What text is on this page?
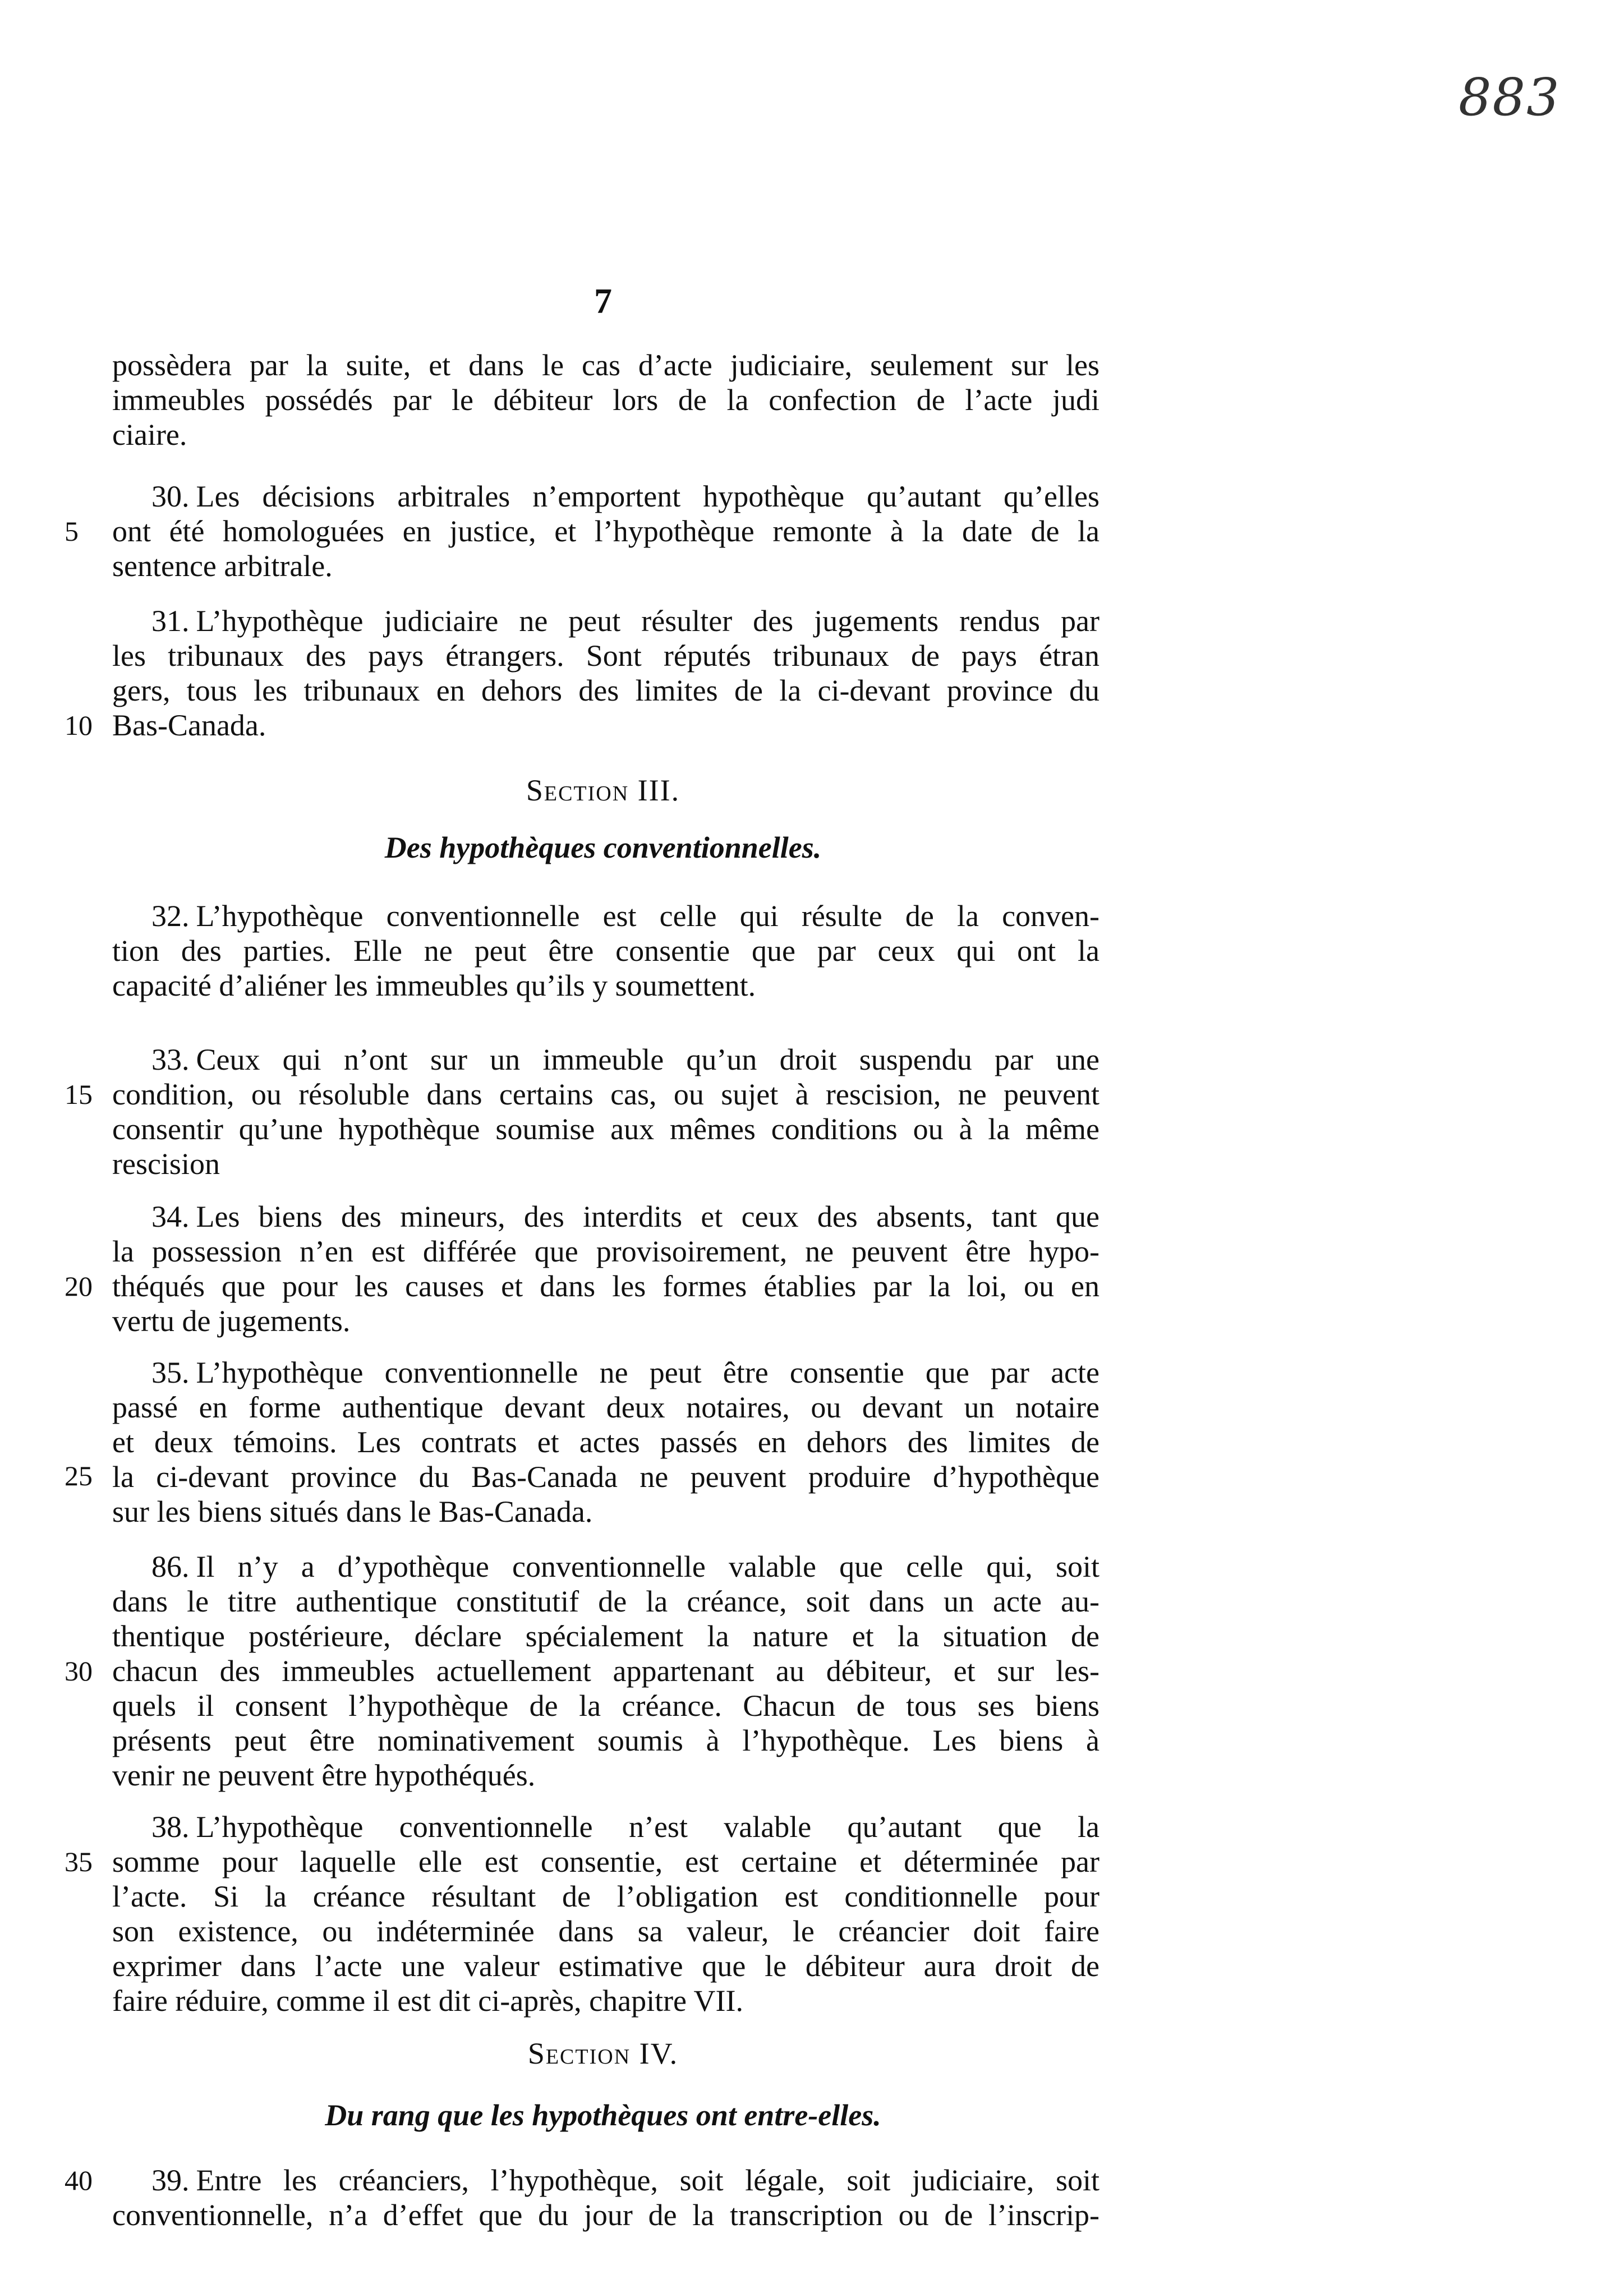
883
7

possèdera par la suite, et dans le cas d’acte judiciaire, seulement sur les
immeubles possédés par le débiteur lors de la confection de l’acte judi
ciaire.

5

30. Les décisions arbitrales n’emportent hypothèque qu’autant qu’elles
ont été homologuées en justice, et l’hypothèque remonte à la date de la
sentence arbitrale.

10

31. L’hypothèque judiciaire ne peut résulter des jugements rendus par
les tribunaux des pays étrangers. Sont réputés tribunaux de pays étran
gers, tous les tribunaux en dehors des limites de la ci-devant province du
Bas-Canada.

Section III.
Des hypothèques conventionnelles.

32. L’hypothèque conventionnelle est celle qui résulte de la conven-
tion des parties. Elle ne peut être consentie que par ceux qui ont la
capacité d’aliéner les immeubles qu’ils y soumettent.

15

33. Ceux qui n’ont sur un immeuble qu’un droit suspendu par une
condition, ou résoluble dans certains cas, ou sujet à rescision, ne peuvent
consentir qu’une hypothèque soumise aux mêmes conditions ou à la même
rescision

20

34. Les biens des mineurs, des interdits et ceux des absents, tant que
la possession n’en est différée que provisoirement, ne peuvent être hypo-
théqués que pour les causes et dans les formes établies par la loi, ou en
vertu de jugements.

25

35. L’hypothèque conventionnelle ne peut être consentie que par acte
passé en forme authentique devant deux notaires, ou devant un notaire
et deux témoins. Les contrats et actes passés en dehors des limites de
la ci-devant province du Bas-Canada ne peuvent produire d’hypothèque
sur les biens situés dans le Bas-Canada.

30

86. Il n’y a d’ypothèque conventionnelle valable que celle qui, soit
dans le titre authentique constitutif de la créance, soit dans un acte au-
thentique postérieure, déclare spécialement la nature et la situation de
chacun des immeubles actuellement appartenant au débiteur, et sur les-
quels il consent l’hypothèque de la créance. Chacun de tous ses biens
présents peut être nominativement soumis à l’hypothèque. Les biens à
venir ne peuvent être hypothéqués.

35

38. L’hypothèque conventionnelle n’est valable qu’autant que la
somme pour laquelle elle est consentie, est certaine et déterminée par
l’acte. Si la créance résultant de l’obligation est conditionnelle pour
son existence, ou indéterminée dans sa valeur, le créancier doit faire
exprimer dans l’acte une valeur estimative que le débiteur aura droit de
faire réduire, comme il est dit ci-après, chapitre VII.

Section IV.
Du rang que les hypothèques ont entre-elles.
40	39. Entre les créanciers, l’hypothèque, soit légale, soit judiciaire, soit
conventionnelle, n’a d’effet que du jour de la transcription ou de l’inscrip-
